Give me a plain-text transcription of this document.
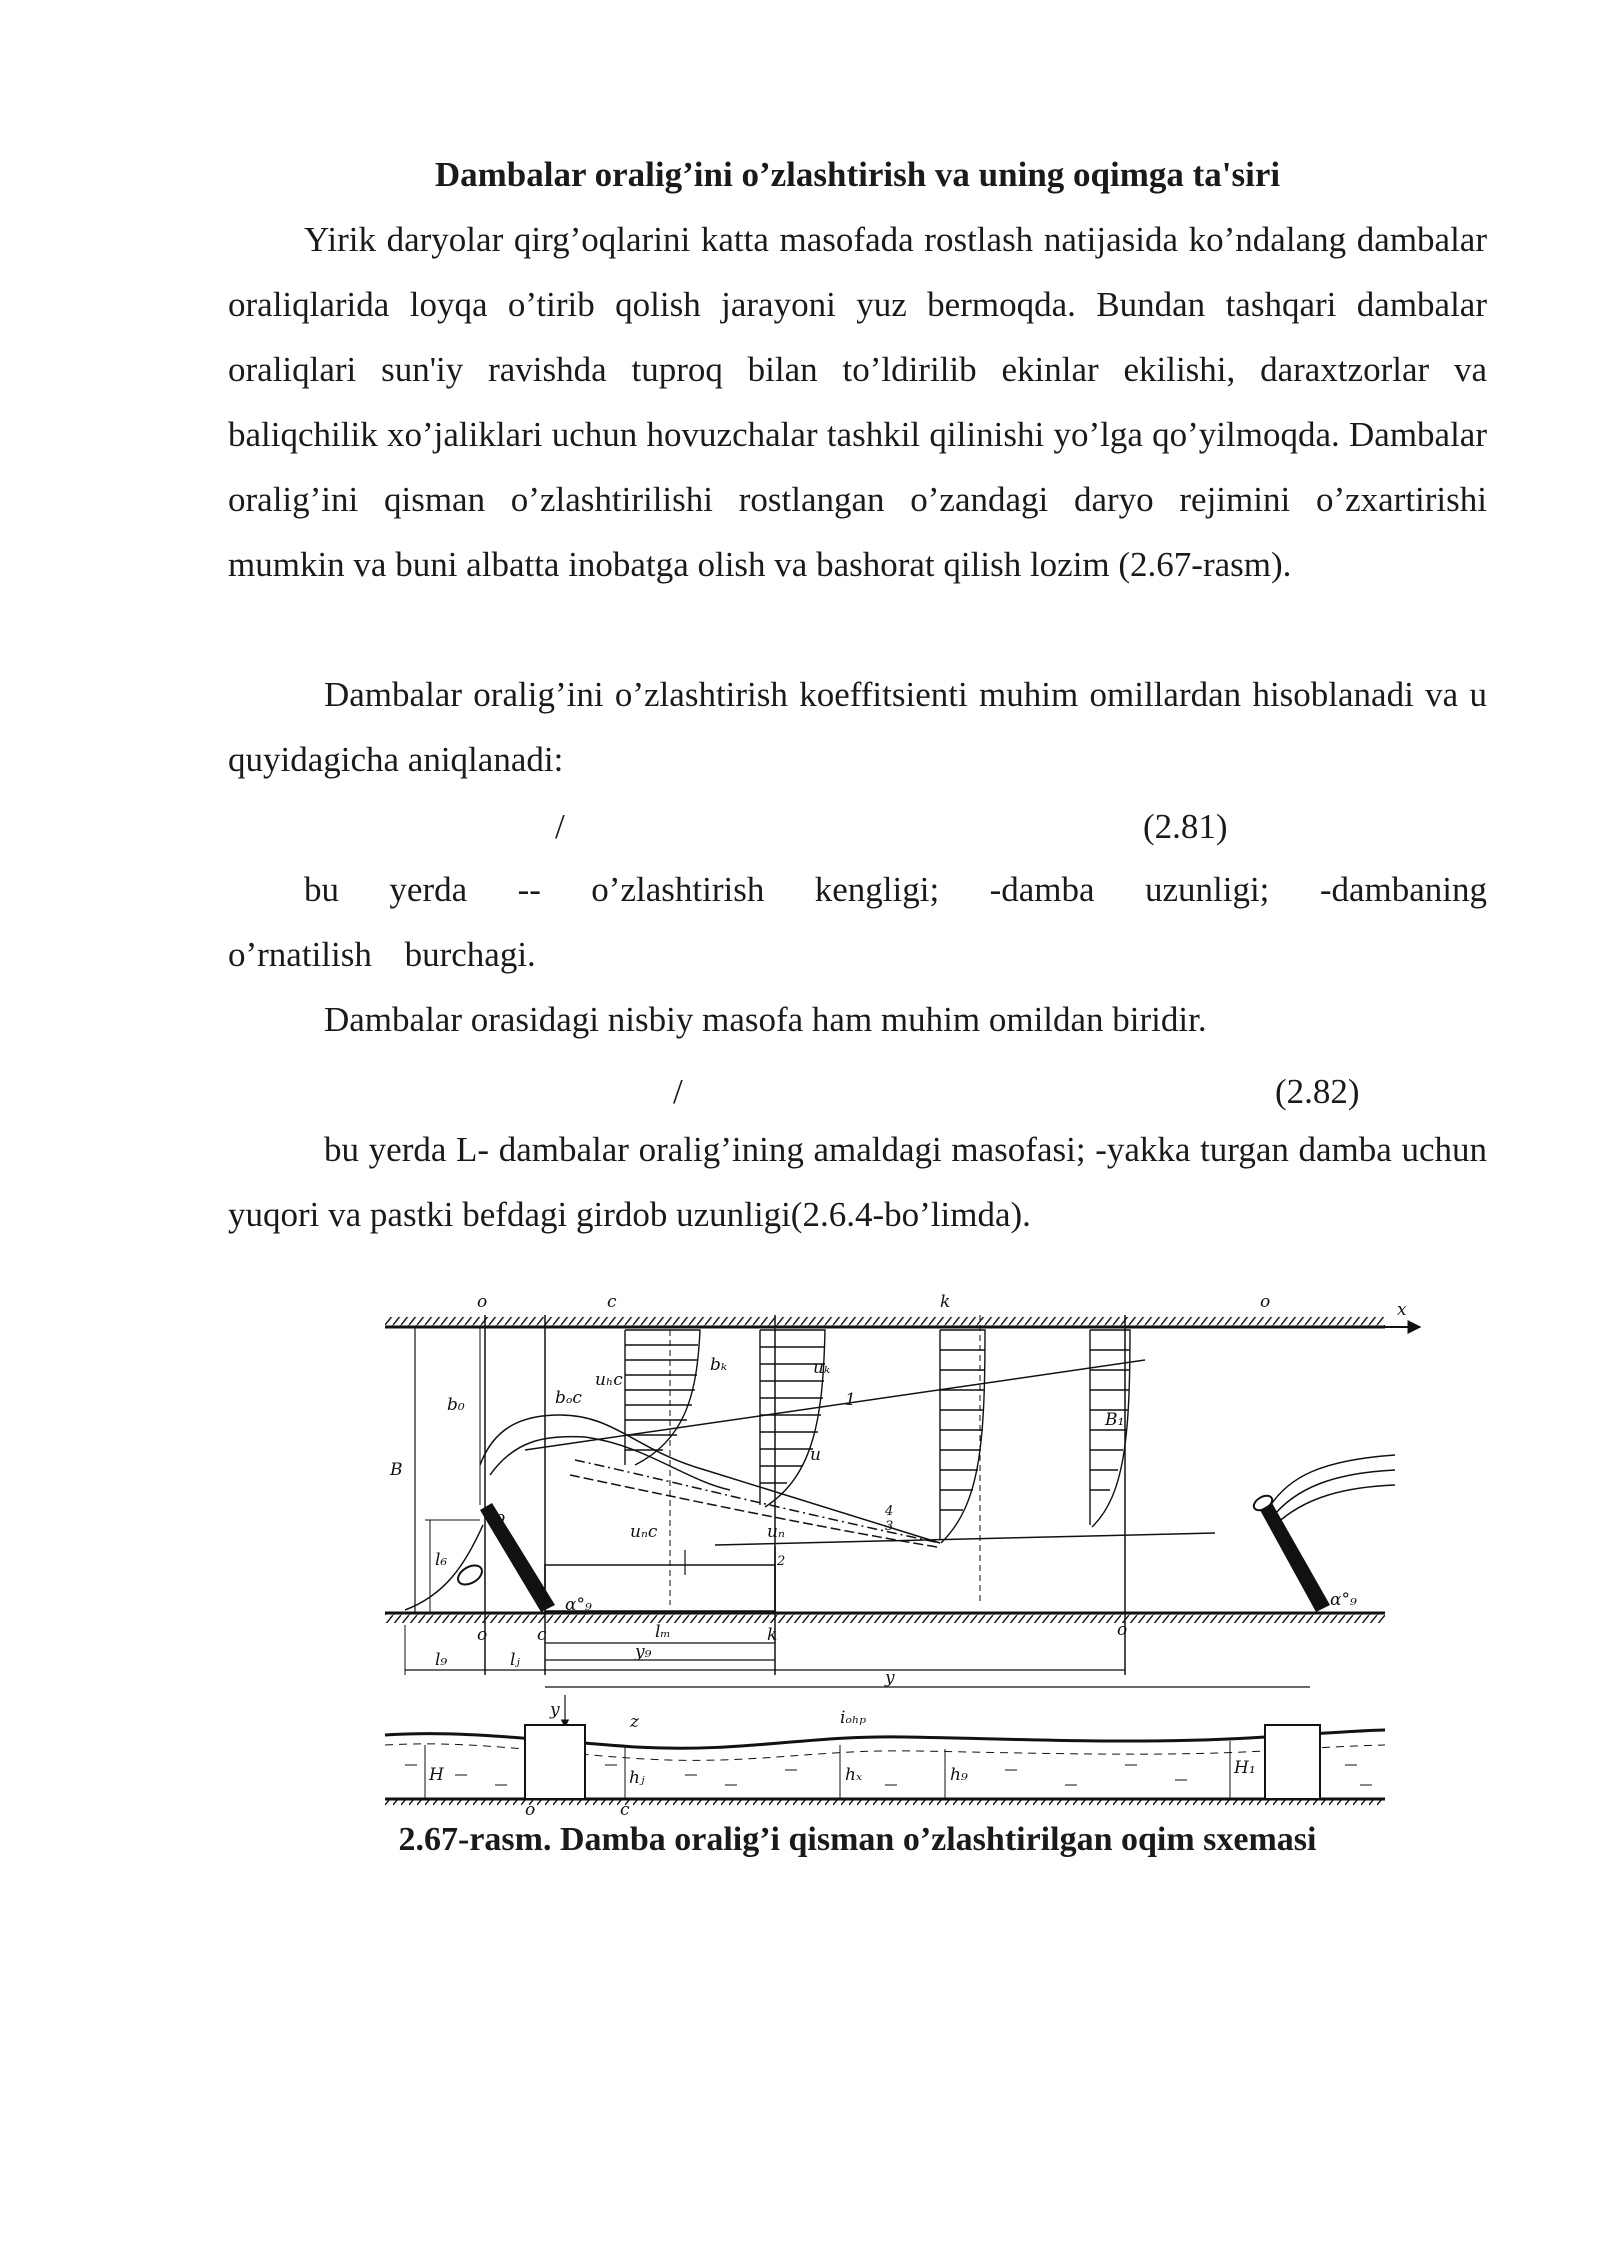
Dambalar oralig’ini o’zlashtirish va uning oqimga ta'siri

Yirik daryolar qirg’oqlarini katta masofada rostlash natijasida ko’ndalang dambalar oraliqlarida loyqa o’tirib qolish jarayoni yuz bermoqda. Bundan tashqari dambalar oraliqlari sun'iy ravishda tuproq bilan to’ldirilib ekinlar ekilishi, daraxtzorlar va baliqchilik xo’jaliklari uchun hovuzchalar tashkil qilinishi yo’lga qo’yilmoqda. Dambalar oralig’ini qisman o’zlashtirilishi rostlangan o’zandagi daryo rejimini o’zxartirishi mumkin va buni albatta inobatga olish va bashorat qilish lozim (2.67-rasm).

Dambalar oralig’ini o’zlashtirish koeffitsienti muhim omillardan hisoblanadi va u quyidagicha aniqlanadi:

/	(2.81)

bu yerda -- o’zlashtirish kengligi; -damba uzunligi; -dambaning o’rnatilish burchagi.

Dambalar orasidagi nisbiy masofa ham muhim omildan biridir.

/	(2.82)

bu yerda L- dambalar oralig’ining amaldagi masofasi; -yakka turgan damba uchun yuqori va pastki befdagi girdob uzunligi(2.6.4-bo’limda).

x
o	c	k	o
B
b₀
l₆
o
bₒc
uₕc
bₖ	uₖ
1
u
uₙc	uₙ
4
3
2
B₁
α°₉	α°₉
l₉	lⱼ
o	c	k	o
lₘ
y₉
y
y
H	hⱼ
z
hₓ	h₉	H₁
iₒₕₚ
o	c
2.67-rasm. Damba oralig’i qisman o’zlashtirilgan oqim sxemasi
